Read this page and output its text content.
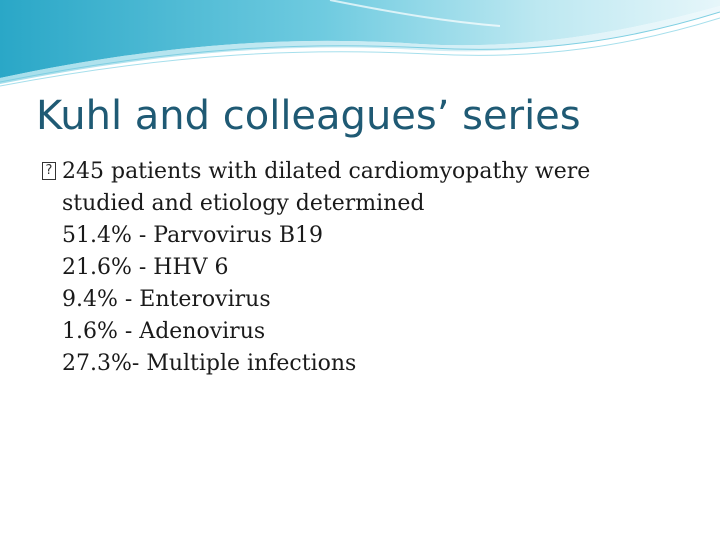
Kuhl and colleagues’ series
?
245 patients with dilated cardiomyopathy were
studied and etiology determined
51.4% - Parvovirus B19
21.6% - HHV 6
9.4% - Enterovirus
1.6% - Adenovirus
27.3%- Multiple infections
